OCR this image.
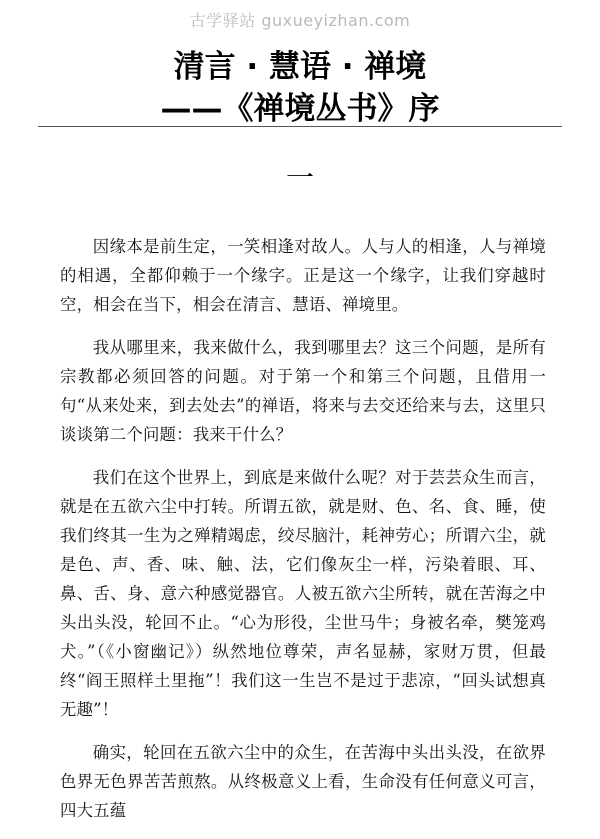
古学驿站 guxueyizhan.com
清言 · 慧语 · 禅境
——《禅境丛书》序
一

因缘本是前生定，一笑相逢对故人。人与人的相逢，人与禅境的相遇，全都仰赖于一个缘字。正是这一个缘字，让我们穿越时空，相会在当下，相会在清言、慧语、禅境里。

我从哪里来，我来做什么，我到哪里去？这三个问题，是所有宗教都必须回答的问题。对于第一个和第三个问题，且借用一句“从来处来，到去处去”的禅语，将来与去交还给来与去，这里只谈谈第二个问题：我来干什么？

我们在这个世界上，到底是来做什么呢？对于芸芸众生而言，就是在五欲六尘中打转。所谓五欲，就是财、色、名、食、睡，使我们终其一生为之殚精竭虑，绞尽脑汁，耗神劳心；所谓六尘，就是色、声、香、味、触、法，它们像灰尘一样，污染着眼、耳、鼻、舌、身、意六种感觉器官。人被五欲六尘所转，就在苦海之中头出头没，轮回不止。“心为形役，尘世马牛；身被名牵，樊笼鸡犬。”（《小窗幽记》）纵然地位尊荣，声名显赫，家财万贯，但最终“阎王照样土里拖”！我们这一生岂不是过于悲凉，“回头试想真无趣”！

确实，轮回在五欲六尘中的众生，在苦海中头出头没，在欲界色界无色界苦苦煎熬。从终极意义上看，生命没有任何意义可言，四大五蕴
